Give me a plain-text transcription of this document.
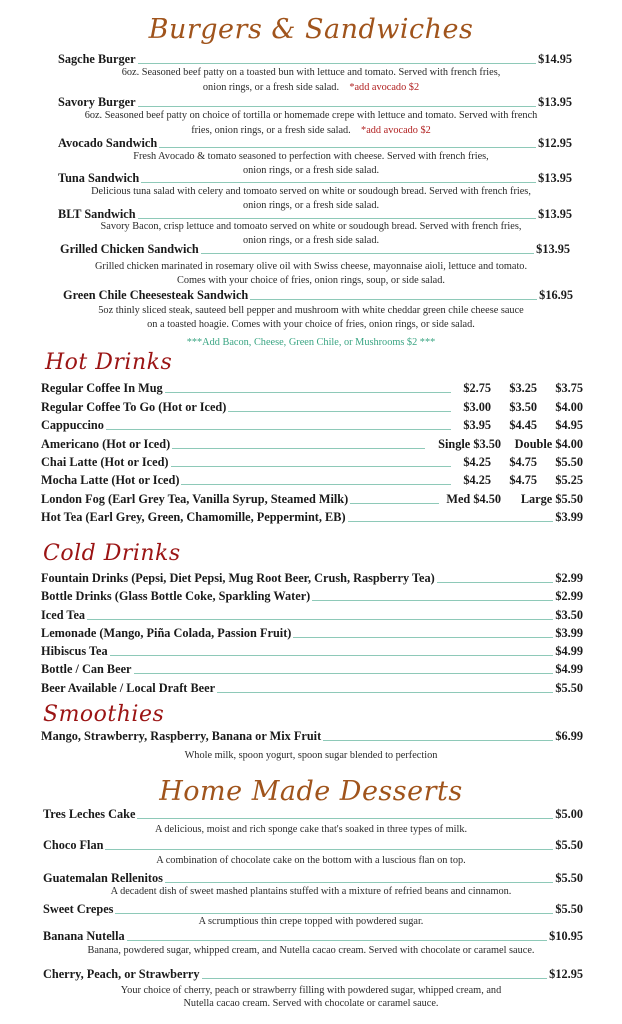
Burgers & Sandwiches
Sagche Burger	$14.95
6oz. Seasoned beef patty on a toasted bun with lettuce and tomato. Served with french fries,
onion rings, or a fresh side salad. *add avocado $2
Savory Burger	$13.95
6oz. Seasoned beef patty on choice of tortilla or homemade crepe with lettuce and tomato. Served with french
fries, onion rings, or a fresh side salad. *add avocado $2
Avocado Sandwich	$12.95
Fresh Avocado & tomato seasoned to perfection with cheese. Served with french fries,
onion rings, or a fresh side salad.
Tuna Sandwich	$13.95
Delicious tuna salad with celery and tomoato served on white or soudough bread. Served with french fries,
onion rings, or a fresh side salad.
BLT Sandwich	$13.95
Savory Bacon, crisp lettuce and tomoato served on white or soudough bread. Served with french fries,
onion rings, or a fresh side salad.
Grilled Chicken Sandwich	$13.95
Grilled chicken marinated in rosemary olive oil with Swiss cheese, mayonnaise aioli, lettuce and tomato.
Comes with your choice of fries, onion rings, soup, or side salad.
Green Chile Cheesesteak Sandwich	$16.95
5oz thinly sliced steak, sauteed bell pepper and mushroom with white cheddar green chile cheese sauce
on a toasted hoagie. Comes with your choice of fries, onion rings, or side salad.
***Add Bacon, Cheese, Green Chile, or Mushrooms $2 ***
Hot Drinks
Regular Coffee In Mug	$2.75	$3.25	$3.75
Regular Coffee To Go (Hot or Iced)	$3.00	$3.50	$4.00
Cappuccino	$3.95	$4.45	$4.95
Americano (Hot or Iced)	Single $3.50	Double $4.00
Chai Latte (Hot or Iced)	$4.25	$4.75	$5.50
Mocha Latte (Hot or Iced)	$4.25	$4.75	$5.25
London Fog (Earl Grey Tea, Vanilla Syrup, Steamed Milk)	Med $4.50	Large $5.50
Hot Tea (Earl Grey, Green, Chamomille, Peppermint, EB)	$3.99
Cold Drinks
Fountain Drinks (Pepsi, Diet Pepsi, Mug Root Beer, Crush, Raspberry Tea)	$2.99
Bottle Drinks (Glass Bottle Coke, Sparkling Water)	$2.99
Iced Tea	$3.50
Lemonade (Mango, Piña Colada, Passion Fruit)	$3.99
Hibiscus Tea	$4.99
Bottle / Can Beer	$4.99
Beer Available / Local Draft Beer	$5.50
Smoothies
Mango, Strawberry, Raspberry, Banana or Mix Fruit	$6.99
Whole milk, spoon yogurt, spoon sugar blended to perfection
Home Made Desserts
Tres Leches Cake	$5.00
A delicious, moist and rich sponge cake that's soaked in three types of milk.
Choco Flan	$5.50
A combination of chocolate cake on the bottom with a luscious flan on top.
Guatemalan Rellenitos	$5.50
A decadent dish of sweet mashed plantains stuffed with a mixture of refried beans and cinnamon.
Sweet Crepes	$5.50
A scrumptious thin crepe topped with powdered sugar.
Banana Nutella	$10.95
Banana, powdered sugar, whipped cream, and Nutella cacao cream. Served with chocolate or caramel sauce.
Cherry, Peach, or Strawberry	$12.95
Your choice of cherry, peach or strawberry filling with powdered sugar, whipped cream, and
Nutella cacao cream. Served with chocolate or caramel sauce.
